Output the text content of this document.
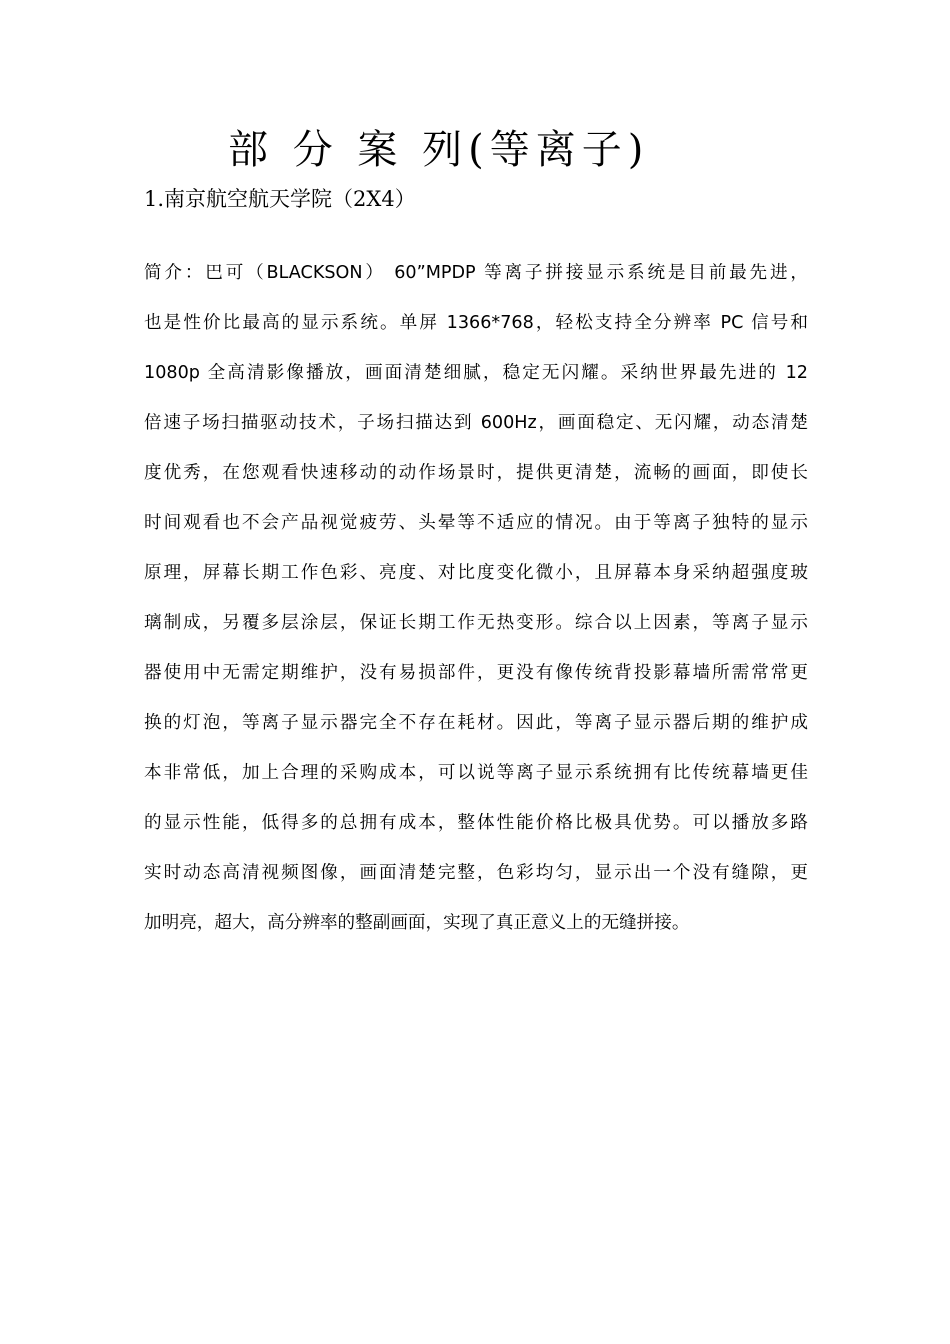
部 分 案 列(等离子)
1.南京航空航天学院（2X4）
简介：巴可（BLACKSON） 60”MPDP 等离子拼接显示系统是目前最先进，
也是性价比最高的显示系统。单屏 1366*768，轻松支持全分辨率 PC 信号和
1080p 全高清影像播放，画面清楚细腻，稳定无闪耀。采纳世界最先进的 12
倍速子场扫描驱动技术，子场扫描达到 600Hz，画面稳定、无闪耀，动态清楚
度优秀，在您观看快速移动的动作场景时，提供更清楚，流畅的画面，即使长
时间观看也不会产品视觉疲劳、头晕等不适应的情况。由于等离子独特的显示
原理，屏幕长期工作色彩、亮度、对比度变化微小，且屏幕本身采纳超强度玻
璃制成，另覆多层涂层，保证长期工作无热变形。综合以上因素，等离子显示
器使用中无需定期维护，没有易损部件，更没有像传统背投影幕墙所需常常更
换的灯泡，等离子显示器完全不存在耗材。因此，等离子显示器后期的维护成
本非常低，加上合理的采购成本，可以说等离子显示系统拥有比传统幕墙更佳
的显示性能，低得多的总拥有成本，整体性能价格比极具优势。可以播放多路
实时动态高清视频图像，画面清楚完整，色彩均匀，显示出一个没有缝隙，更
加明亮，超大，高分辨率的整副画面，实现了真正意义上的无缝拼接。
